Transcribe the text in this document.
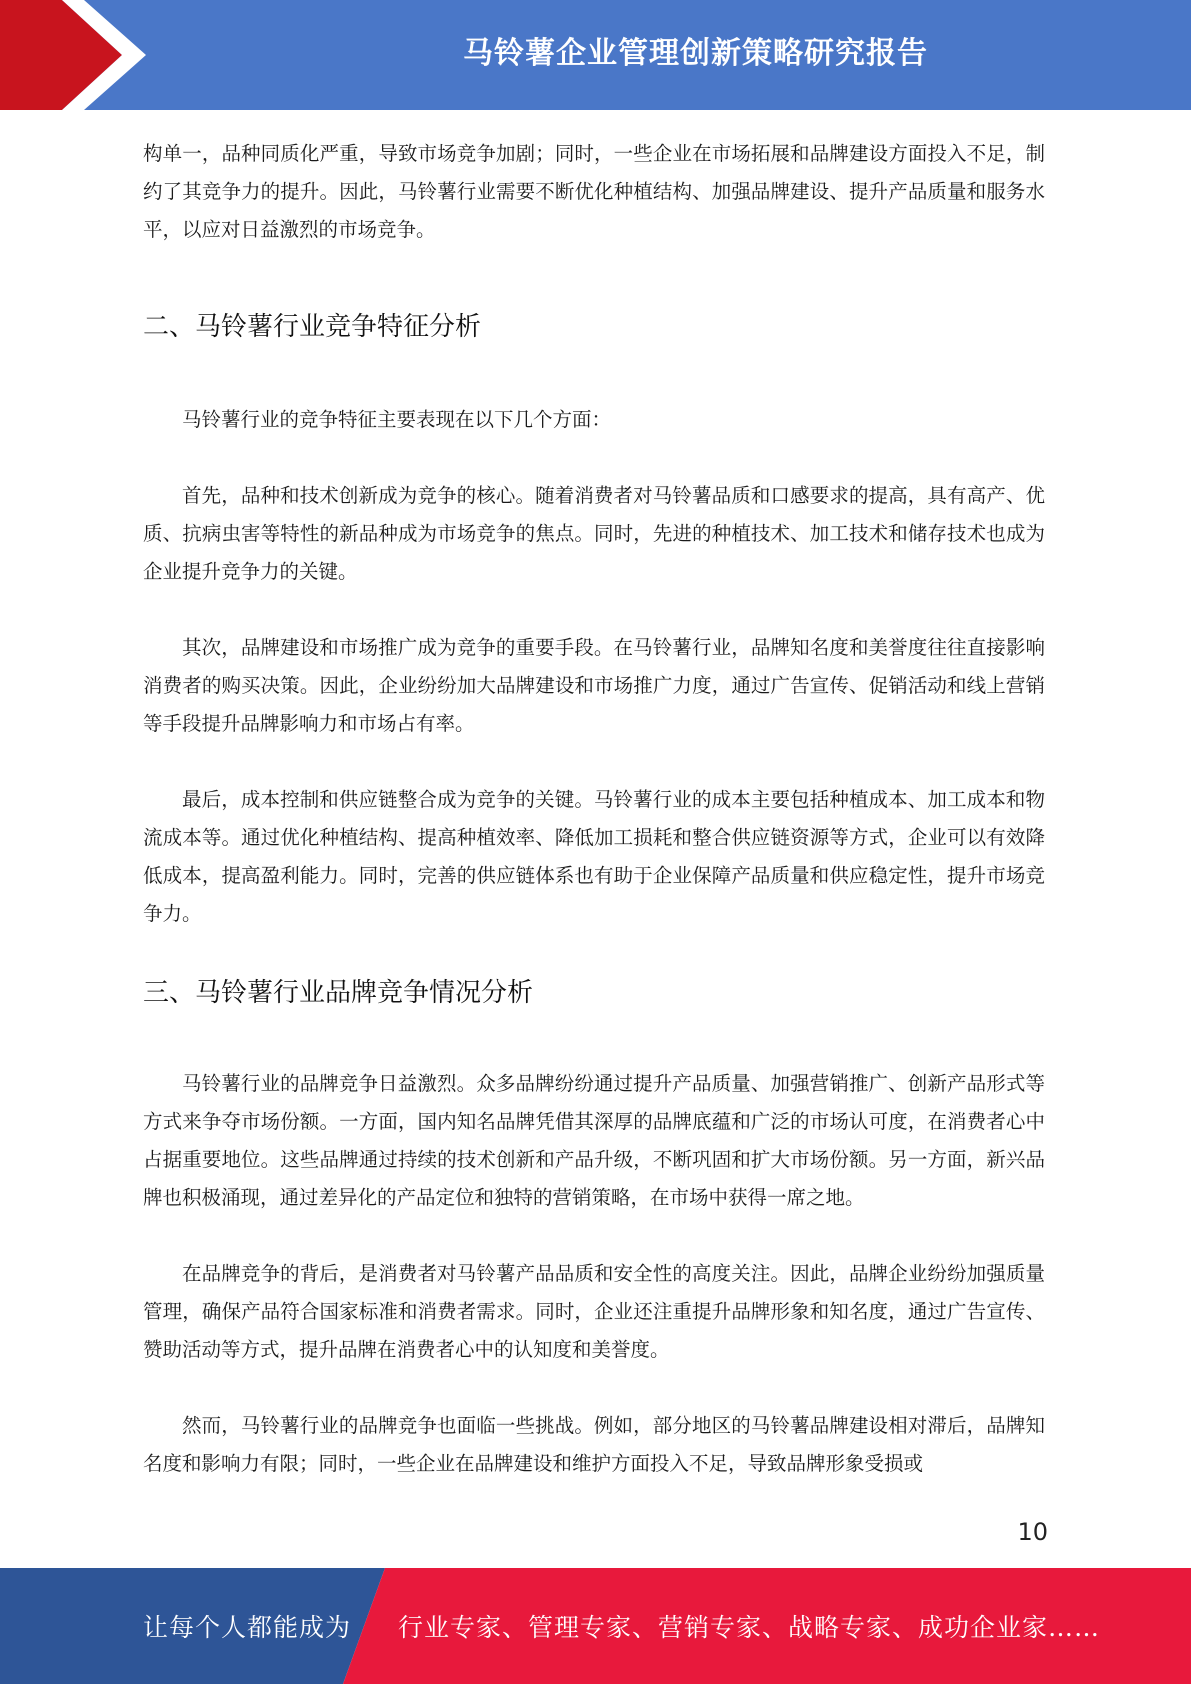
马铃薯企业管理创新策略研究报告

构单一，品种同质化严重，导致市场竞争加剧；同时，一些企业在市场拓展和品牌建设方面投入不足，制约了其竞争力的提升。因此，马铃薯行业需要不断优化种植结构、加强品牌建设、提升产品质量和服务水平，以应对日益激烈的市场竞争。

二、马铃薯行业竞争特征分析

马铃薯行业的竞争特征主要表现在以下几个方面：

首先，品种和技术创新成为竞争的核心。随着消费者对马铃薯品质和口感要求的提高，具有高产、优质、抗病虫害等特性的新品种成为市场竞争的焦点。同时，先进的种植技术、加工技术和储存技术也成为企业提升竞争力的关键。

其次，品牌建设和市场推广成为竞争的重要手段。在马铃薯行业，品牌知名度和美誉度往往直接影响消费者的购买决策。因此，企业纷纷加大品牌建设和市场推广力度，通过广告宣传、促销活动和线上营销等手段提升品牌影响力和市场占有率。

最后，成本控制和供应链整合成为竞争的关键。马铃薯行业的成本主要包括种植成本、加工成本和物流成本等。通过优化种植结构、提高种植效率、降低加工损耗和整合供应链资源等方式，企业可以有效降低成本，提高盈利能力。同时，完善的供应链体系也有助于企业保障产品质量和供应稳定性，提升市场竞争力。

三、马铃薯行业品牌竞争情况分析

马铃薯行业的品牌竞争日益激烈。众多品牌纷纷通过提升产品质量、加强营销推广、创新产品形式等方式来争夺市场份额。一方面，国内知名品牌凭借其深厚的品牌底蕴和广泛的市场认可度，在消费者心中占据重要地位。这些品牌通过持续的技术创新和产品升级，不断巩固和扩大市场份额。另一方面，新兴品牌也积极涌现，通过差异化的产品定位和独特的营销策略，在市场中获得一席之地。

在品牌竞争的背后，是消费者对马铃薯产品品质和安全性的高度关注。因此，品牌企业纷纷加强质量管理，确保产品符合国家标准和消费者需求。同时，企业还注重提升品牌形象和知名度，通过广告宣传、赞助活动等方式，提升品牌在消费者心中的认知度和美誉度。

然而，马铃薯行业的品牌竞争也面临一些挑战。例如，部分地区的马铃薯品牌建设相对滞后，品牌知名度和影响力有限；同时，一些企业在品牌建设和维护方面投入不足，导致品牌形象受损或

10
让每个人都能成为 行业专家、管理专家、营销专家、战略专家、成功企业家……
